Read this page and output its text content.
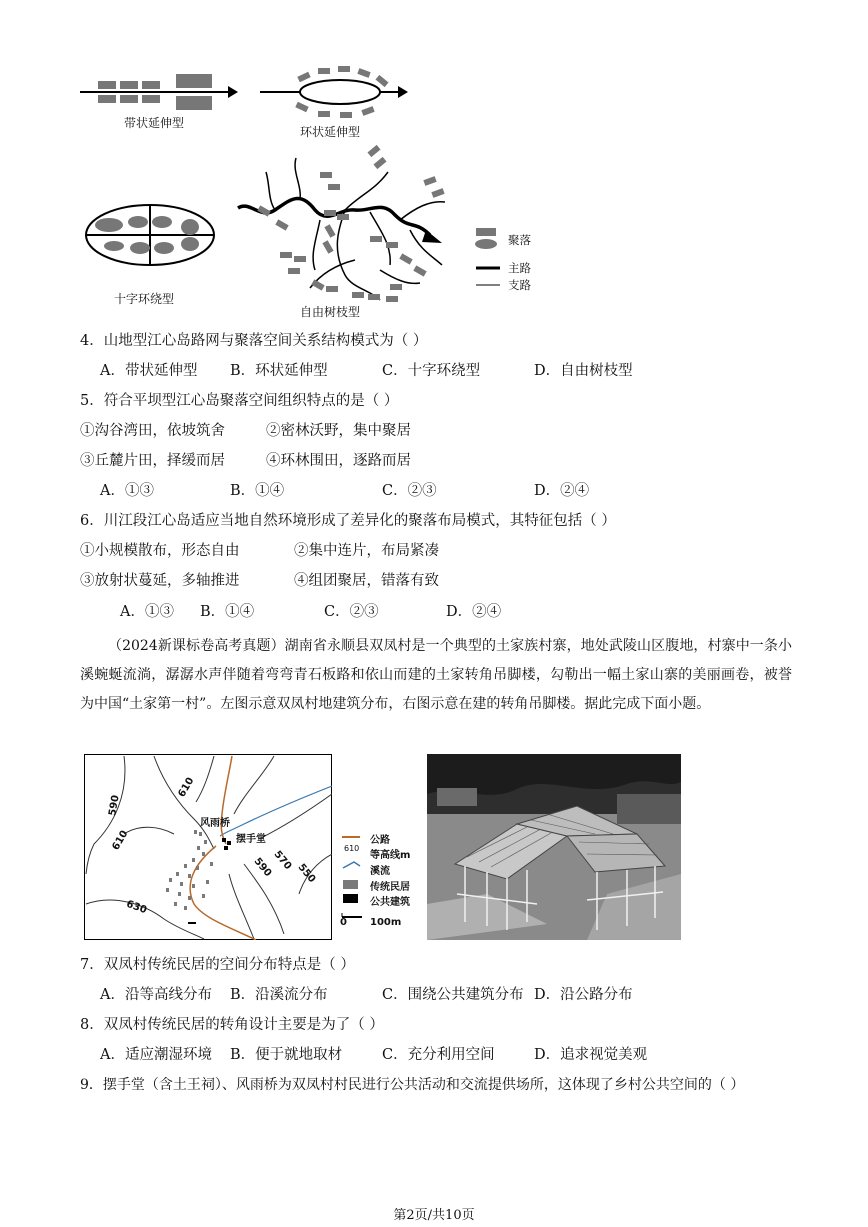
带状延伸型
环状延伸型
十字环绕型
自由树枝型
聚落
主路
支路
4．山地型江心岛路网与聚落空间关系结构模式为（ ）
A．带状延伸型 B．环状延伸型	C．十字环绕型	D．自由树枝型
5．符合平坝型江心岛聚落空间组织特点的是（ ）
①沟谷湾田，依坡筑舍	②密林沃野，集中聚居
③丘麓片田，择缓而居	④环林围田，逐路而居
A．①③	B．①④	C．②③	D．②④
6．川江段江心岛适应当地自然环境形成了差异化的聚落布局模式，其特征包括（ ）
①小规模散布，形态自由	②集中连片，布局紧凑
③放射状蔓延，多轴推进	④组团聚居，错落有致
A．①③ B．①④	C．②③	D．②④
（2024新课标卷高考真题）湖南省永顺县双凤村是一个典型的土家族村寨，地处武陵山区腹地，村寨中一条小溪蜿蜒流淌，潺潺水声伴随着弯弯青石板路和依山而建的土家转角吊脚楼，勾勒出一幅土家山寨的美丽画卷，被誉为中国“土家第一村”。左图示意双凤村地建筑分布，右图示意在建的转角吊脚楼。据此完成下面小题。
风雨桥
摆手堂
590
610
610
590
570
550
630
公路
610
等高线m
溪流
传统民居
公共建筑
0 100m
7．双凤村传统民居的空间分布特点是（ ）
A．沿等高线分布 B．沿溪流分布	C．围绕公共建筑分布 D．沿公路分布
8．双凤村传统民居的转角设计主要是为了（ ）
A．适应潮湿环境 B．便于就地取材	C．充分利用空间	D．追求视觉美观
9．摆手堂（含土王祠）、风雨桥为双凤村村民进行公共活动和交流提供场所，这体现了乡村公共空间的（ ）
第2页/共10页
